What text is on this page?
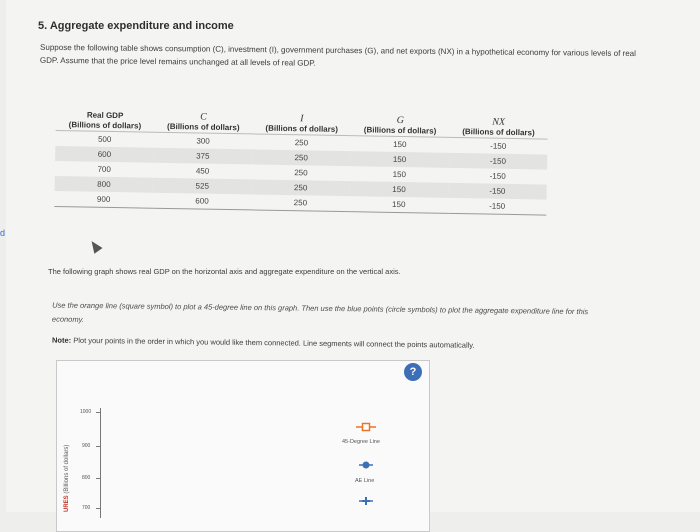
5. Aggregate expenditure and income
Suppose the following table shows consumption (C), investment (I), government purchases (G), and net exports (NX) in a hypothetical economy for various levels of real GDP. Assume that the price level remains unchanged at all levels of real GDP.
d
Real GDP	C	I	G	NX
(Billions of dollars)	(Billions of dollars)	(Billions of dollars)	(Billions of dollars)	(Billions of dollars)
500	300	250	150	-150
600	375	250	150	-150
700	450	250	150	-150
800	525	250	150	-150
900	600	250	150	-150
The following graph shows real GDP on the horizontal axis and aggregate expenditure on the vertical axis.
Use the orange line (square symbol) to plot a 45-degree line on this graph. Then use the blue points (circle symbols) to plot the aggregate expenditure line for this economy.
Note: Plot your points in the order in which you would like them connected. Line segments will connect the points automatically.
?
1000
900
800
700
URES (Billions of dollars)
45-Degree Line
AE Line
